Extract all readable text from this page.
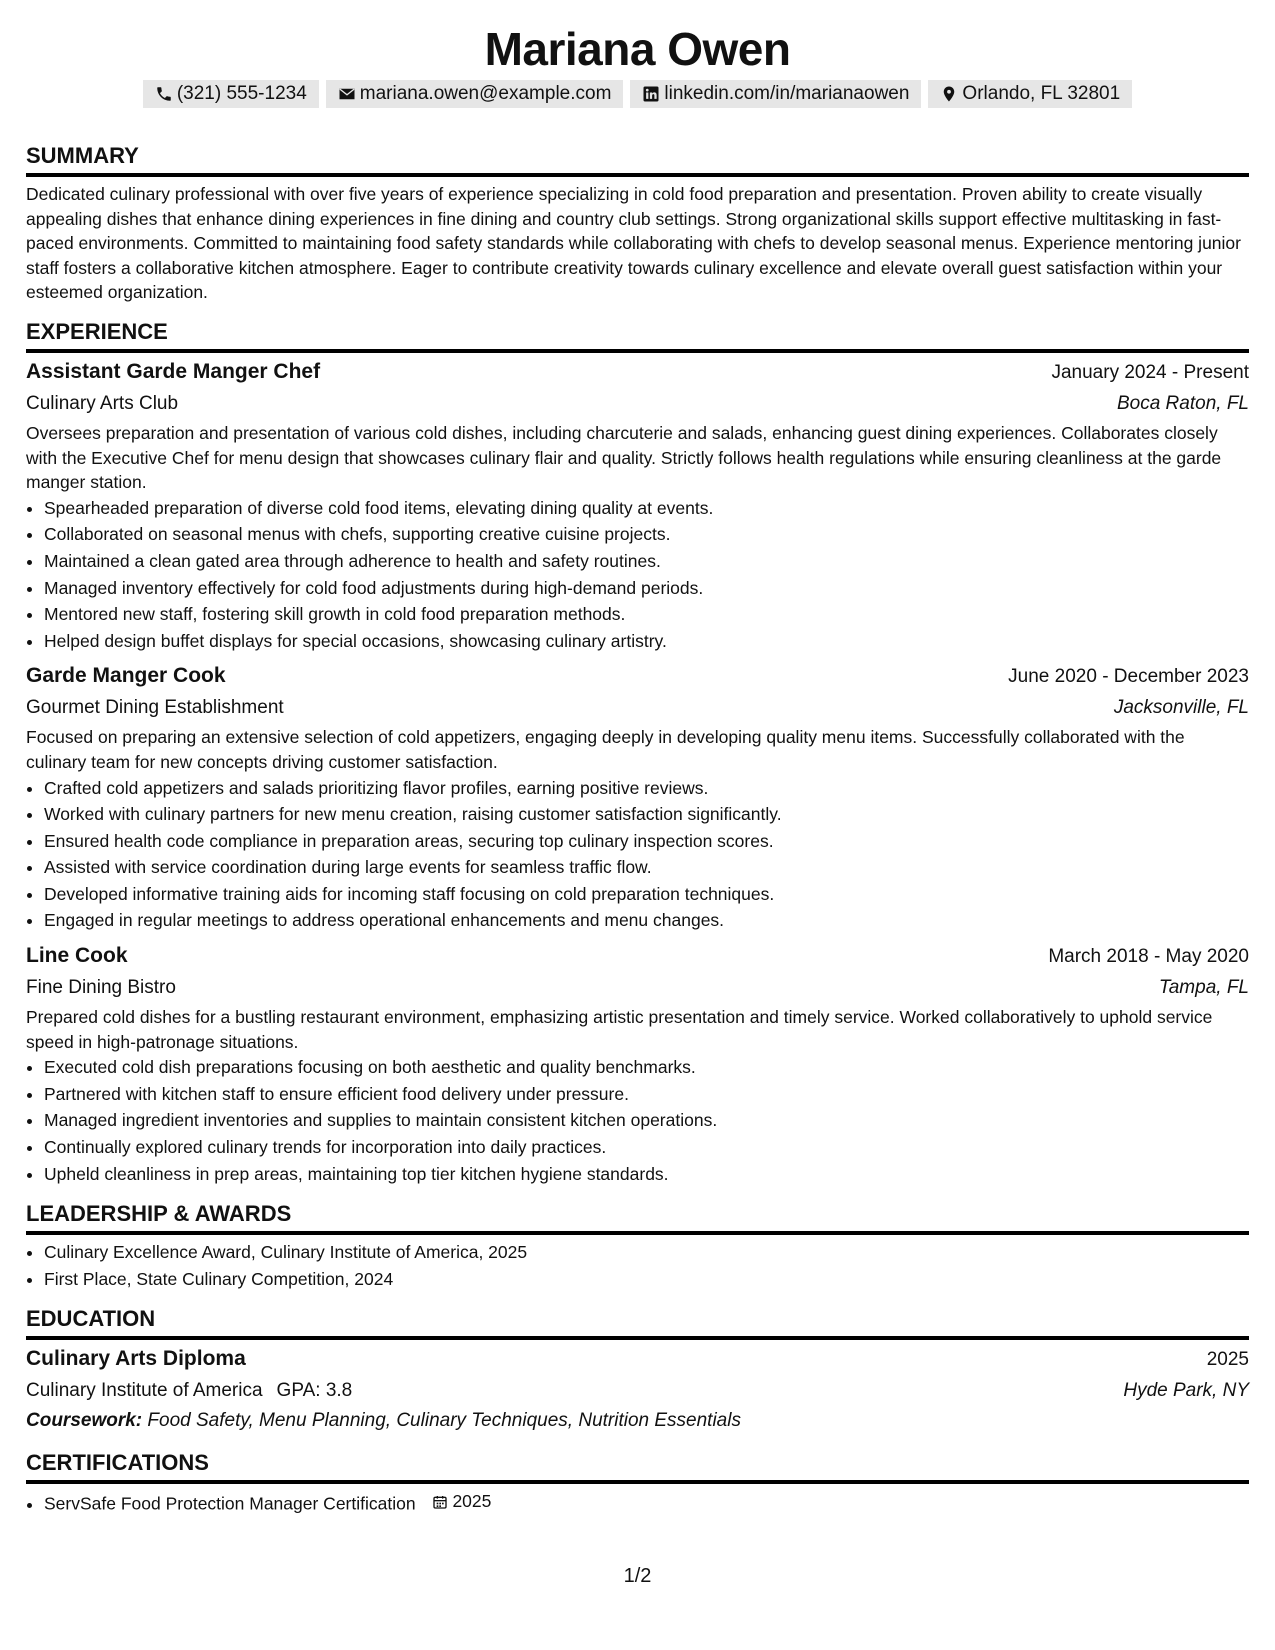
Mariana Owen
(321) 555-1234	mariana.owen@example.com	linkedin.com/in/marianaowen	Orlando, FL 32801
SUMMARY

Dedicated culinary professional with over five years of experience specializing in cold food preparation and presentation. Proven ability to create visually appealing dishes that enhance dining experiences in fine dining and country club settings. Strong organizational skills support effective multitasking in fast-paced environments. Committed to maintaining food safety standards while collaborating with chefs to develop seasonal menus. Experience mentoring junior staff fosters a collaborative kitchen atmosphere. Eager to contribute creativity towards culinary excellence and elevate overall guest satisfaction within your esteemed organization.

EXPERIENCE
Assistant Garde Manger Chef	January 2024 - Present
Culinary Arts Club	Boca Raton, FL

Oversees preparation and presentation of various cold dishes, including charcuterie and salads, enhancing guest dining experiences. Collaborates closely with the Executive Chef for menu design that showcases culinary flair and quality. Strictly follows health regulations while ensuring cleanliness at the garde manger station.

• Spearheaded preparation of diverse cold food items, elevating dining quality at events.
• Collaborated on seasonal menus with chefs, supporting creative cuisine projects.
• Maintained a clean gated area through adherence to health and safety routines.
• Managed inventory effectively for cold food adjustments during high-demand periods.
• Mentored new staff, fostering skill growth in cold food preparation methods.
• Helped design buffet displays for special occasions, showcasing culinary artistry.
Garde Manger Cook	June 2020 - December 2023
Gourmet Dining Establishment	Jacksonville, FL

Focused on preparing an extensive selection of cold appetizers, engaging deeply in developing quality menu items. Successfully collaborated with the culinary team for new concepts driving customer satisfaction.

• Crafted cold appetizers and salads prioritizing flavor profiles, earning positive reviews.
• Worked with culinary partners for new menu creation, raising customer satisfaction significantly.
• Ensured health code compliance in preparation areas, securing top culinary inspection scores.
• Assisted with service coordination during large events for seamless traffic flow.
• Developed informative training aids for incoming staff focusing on cold preparation techniques.
• Engaged in regular meetings to address operational enhancements and menu changes.
Line Cook	March 2018 - May 2020
Fine Dining Bistro	Tampa, FL

Prepared cold dishes for a bustling restaurant environment, emphasizing artistic presentation and timely service. Worked collaboratively to uphold service speed in high-patronage situations.

• Executed cold dish preparations focusing on both aesthetic and quality benchmarks.
• Partnered with kitchen staff to ensure efficient food delivery under pressure.
• Managed ingredient inventories and supplies to maintain consistent kitchen operations.
• Continually explored culinary trends for incorporation into daily practices.
• Upheld cleanliness in prep areas, maintaining top tier kitchen hygiene standards.
LEADERSHIP & AWARDS
• Culinary Excellence Award, Culinary Institute of America, 2025
• First Place, State Culinary Competition, 2024
EDUCATION
Culinary Arts Diploma	2025
Culinary Institute of America GPA: 3.8	Hyde Park, NY
Coursework: Food Safety, Menu Planning, Culinary Techniques, Nutrition Essentials
CERTIFICATIONS
• ServSafe Food Protection Manager Certification 2025
1/2
